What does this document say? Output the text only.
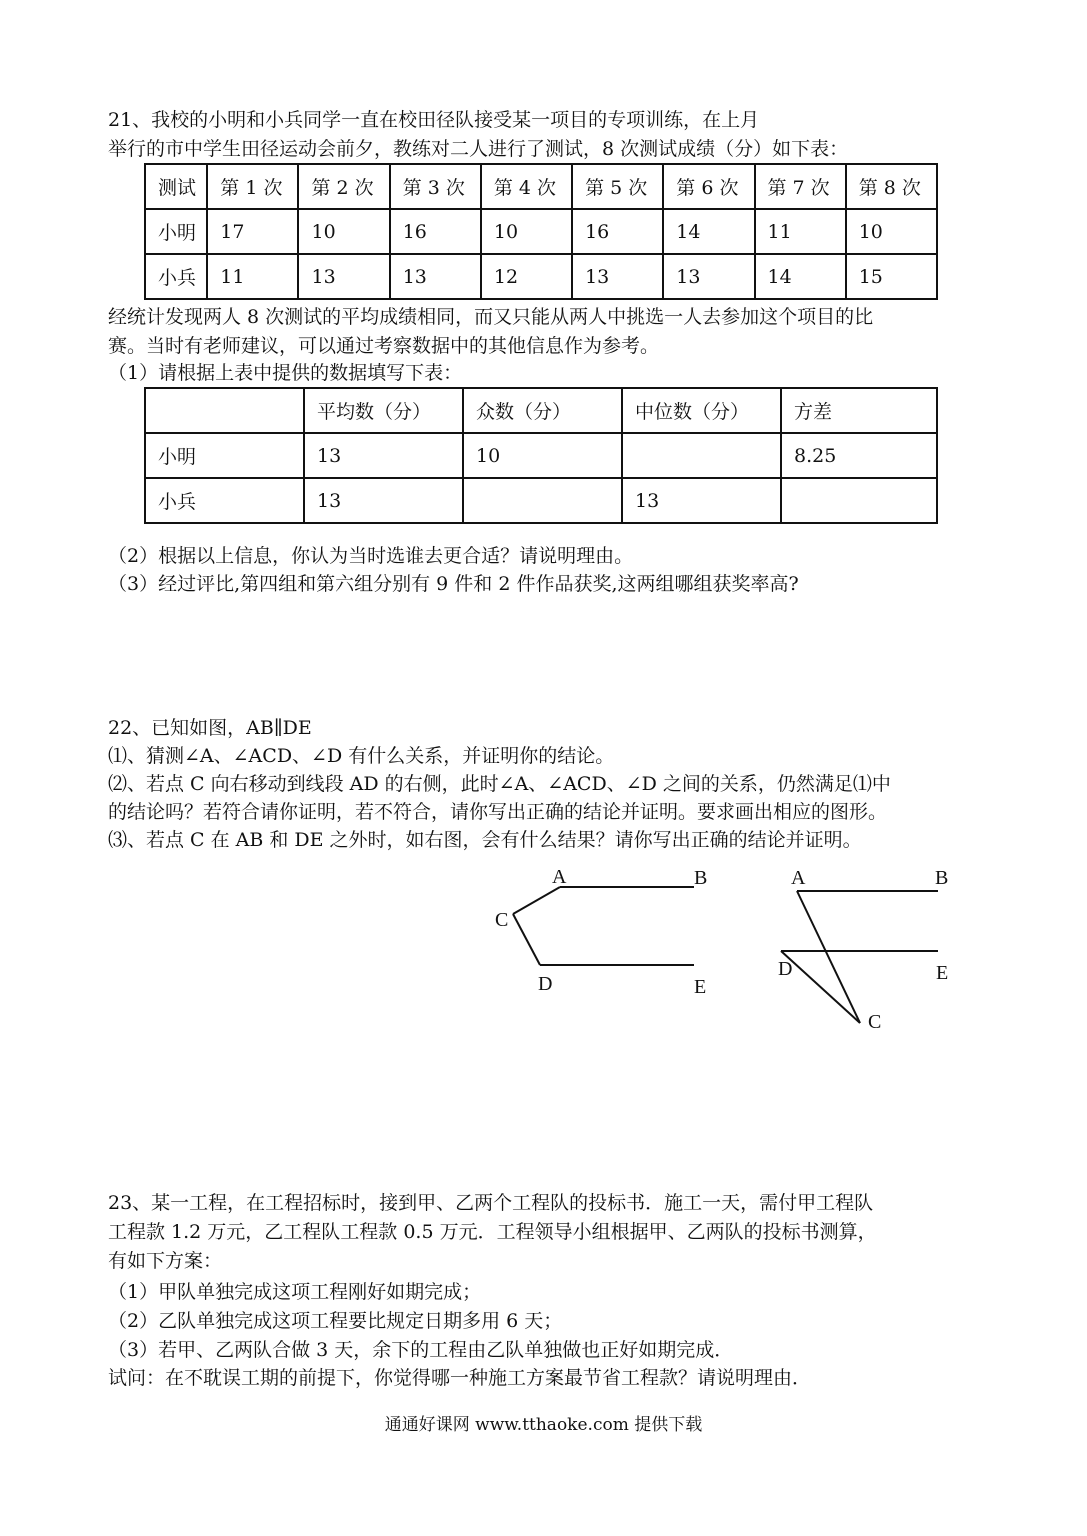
21、我校的小明和小兵同学一直在校田径队接受某一项目的专项训练，在上月
举行的市中学生田径运动会前夕，教练对二人进行了测试，8 次测试成绩（分）如下表：
测试	第 1 次	第 2 次	第 3 次	第 4 次	第 5 次	第 6 次	第 7 次	第 8 次
小明	17	10	16	10	16	14	11	10
小兵	11	13	13	12	13	13	14	15
经统计发现两人 8 次测试的平均成绩相同，而又只能从两人中挑选一人去参加这个项目的比
赛。当时有老师建议，可以通过考察数据中的其他信息作为参考。
（1）请根据上表中提供的数据填写下表：
	平均数（分）	众数（分）	中位数（分）	方差
小明	13	10		8.25
小兵	13		13	
（2）根据以上信息，你认为当时选谁去更合适？请说明理由。
（3）经过评比,第四组和第六组分别有 9 件和 2 件作品获奖,这两组哪组获奖率高?
22、已知如图，AB∥DE
⑴、猜测∠A、∠ACD、∠D 有什么关系，并证明你的结论。
⑵、若点 C 向右移动到线段 AD 的右侧，此时∠A、∠ACD、∠D 之间的关系，仍然满足⑴中
的结论吗？若符合请你证明，若不符合，请你写出正确的结论并证明。要求画出相应的图形。
⑶、若点 C 在 AB 和 DE 之外时，如右图，会有什么结果？请你写出正确的结论并证明。
A	B
C
D	E
A	B
C
D	E
23、某一工程，在工程招标时，接到甲、乙两个工程队的投标书．施工一天，需付甲工程队
工程款 1.2 万元，乙工程队工程款 0.5 万元．工程领导小组根据甲、乙两队的投标书测算，
有如下方案：
（1）甲队单独完成这项工程刚好如期完成；
（2）乙队单独完成这项工程要比规定日期多用 6 天；
（3）若甲、乙两队合做 3 天，余下的工程由乙队单独做也正好如期完成．
试问：在不耽误工期的前提下，你觉得哪一种施工方案最节省工程款？请说明理由．
通通好课网 www.tthaoke.com 提供下载
